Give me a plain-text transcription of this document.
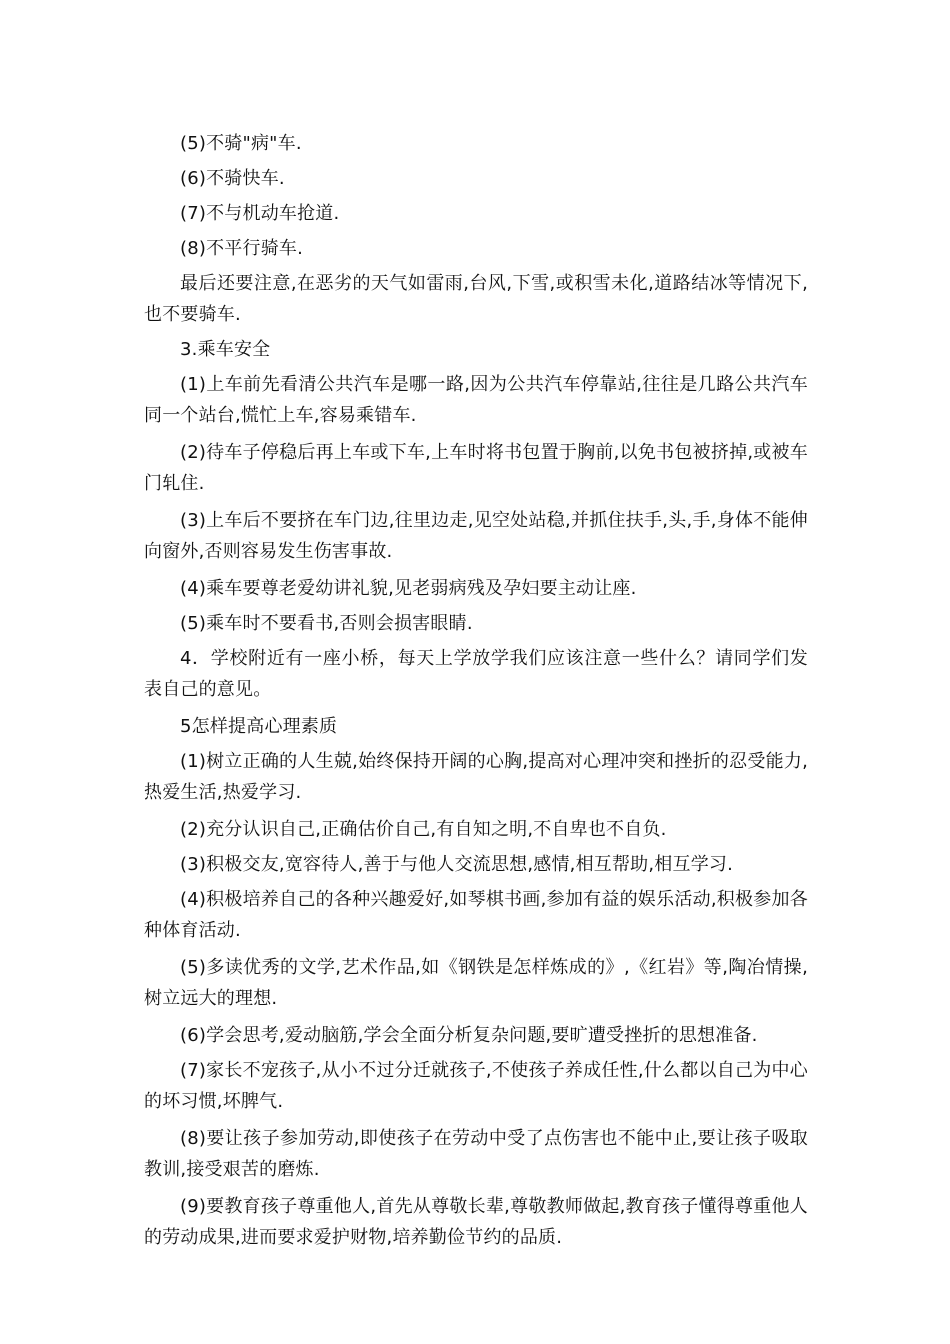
(5)不骑"病"车.

(6)不骑快车.

(7)不与机动车抢道.

(8)不平行骑车.

最后还要注意,在恶劣的天气如雷雨,台风,下雪,或积雪未化,道路结冰等情况下,也不要骑车.

3.乘车安全

(1)上车前先看清公共汽车是哪一路,因为公共汽车停靠站,往往是几路公共汽车同一个站台,慌忙上车,容易乘错车.

(2)待车子停稳后再上车或下车,上车时将书包置于胸前,以免书包被挤掉,或被车门轧住.

(3)上车后不要挤在车门边,往里边走,见空处站稳,并抓住扶手,头,手,身体不能伸向窗外,否则容易发生伤害事故.

(4)乘车要尊老爱幼讲礼貌,见老弱病残及孕妇要主动让座.

(5)乘车时不要看书,否则会损害眼睛.

4．学校附近有一座小桥，每天上学放学我们应该注意一些什么？请同学们发表自己的意见。

5怎样提高心理素质

(1)树立正确的人生兢,始终保持开阔的心胸,提高对心理冲突和挫折的忍受能力,热爱生活,热爱学习.

(2)充分认识自己,正确估价自己,有自知之明,不自卑也不自负.

(3)积极交友,宽容待人,善于与他人交流思想,感情,相互帮助,相互学习.

(4)积极培养自己的各种兴趣爱好,如琴棋书画,参加有益的娱乐活动,积极参加各种体育活动.

(5)多读优秀的文学,艺术作品,如《钢铁是怎样炼成的》,《红岩》等,陶冶情操,树立远大的理想.

(6)学会思考,爱动脑筋,学会全面分析复杂问题,要旷遭受挫折的思想准备.

(7)家长不宠孩子,从小不过分迁就孩子,不使孩子养成任性,什么都以自己为中心的坏习惯,坏脾气.

(8)要让孩子参加劳动,即使孩子在劳动中受了点伤害也不能中止,要让孩子吸取教训,接受艰苦的磨炼.

(9)要教育孩子尊重他人,首先从尊敬长辈,尊敬教师做起,教育孩子懂得尊重他人的劳动成果,进而要求爱护财物,培养勤俭节约的品质.
